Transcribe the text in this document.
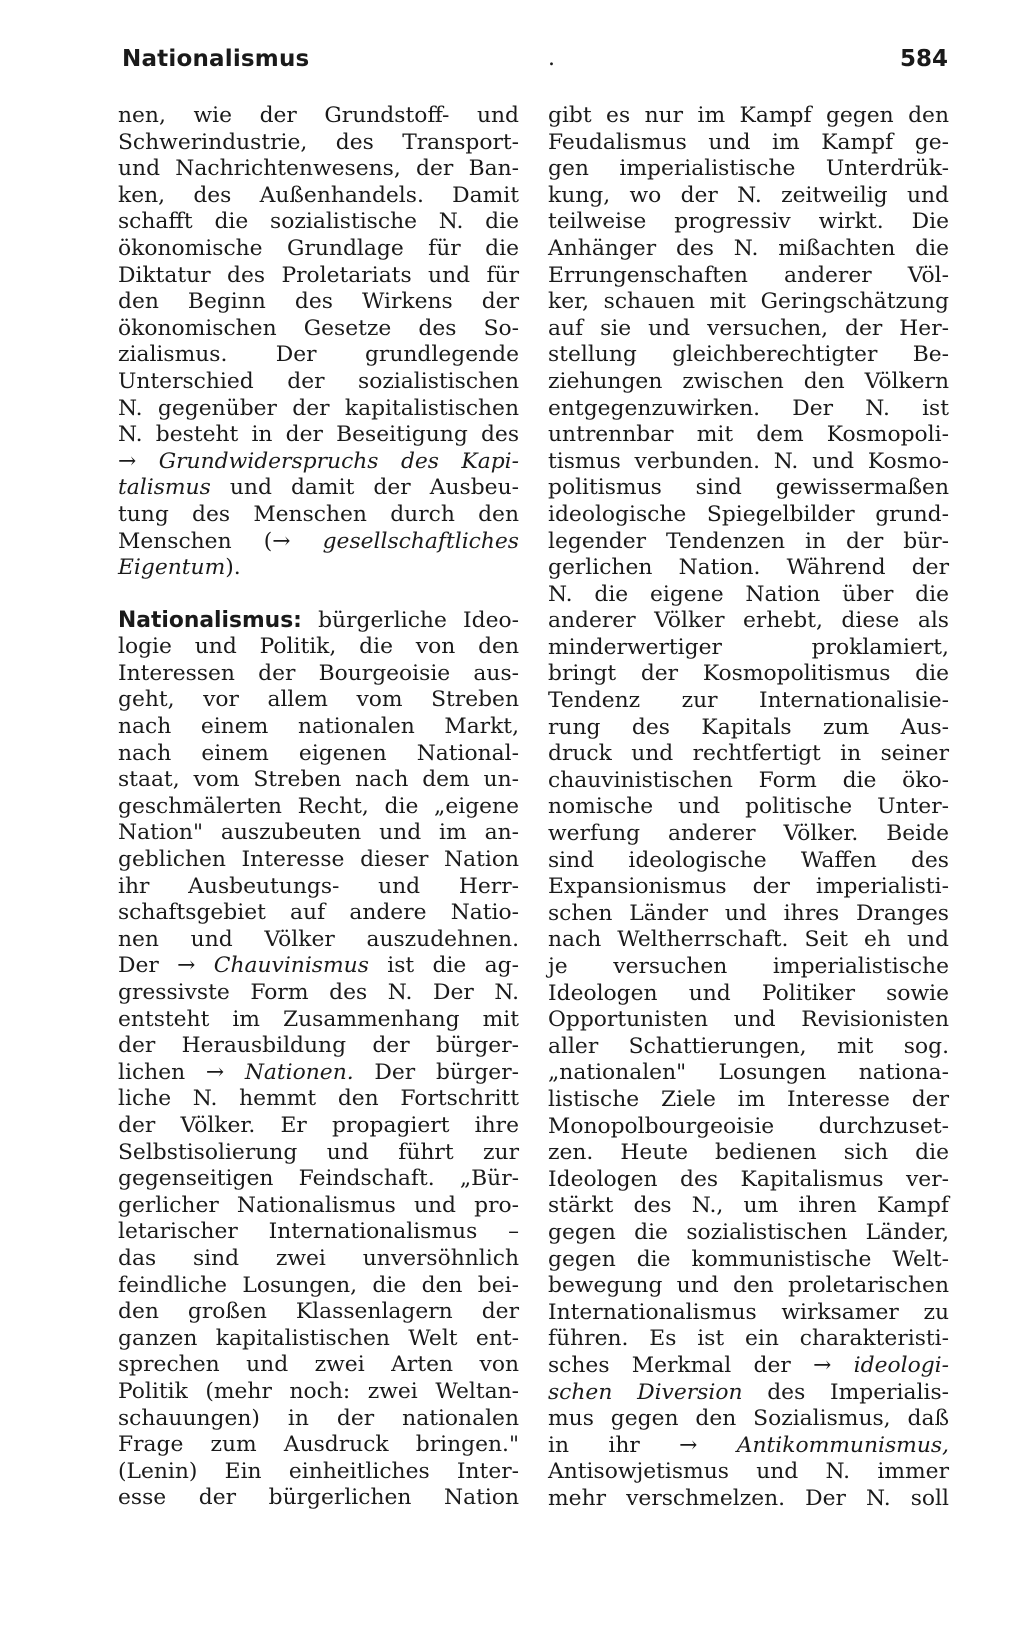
Nationalismus	.	584
nen, wie der Grundstoff- und
Schwerindustrie, des Transport-
und Nachrichtenwesens, der Ban-
ken, des Außenhandels. Damit
schafft die sozialistische N. die
ökonomische Grundlage für die
Diktatur des Proletariats und für
den Beginn des Wirkens der
ökonomischen Gesetze des So-
zialismus. Der grundlegende
Unterschied der sozialistischen
N. gegenüber der kapitalistischen
N. besteht in der Beseitigung des
→ Grundwiderspruchs des Kapi-
talismus und damit der Ausbeu-
tung des Menschen durch den
Menschen (→ gesellschaftliches
Eigentum).
Nationalismus: bürgerliche Ideo-
logie und Politik, die von den
Interessen der Bourgeoisie aus-
geht, vor allem vom Streben
nach einem nationalen Markt,
nach einem eigenen National-
staat, vom Streben nach dem un-
geschmälerten Recht, die „eigene
Nation" auszubeuten und im an-
geblichen Interesse dieser Nation
ihr Ausbeutungs- und Herr-
schaftsgebiet auf andere Natio-
nen und Völker auszudehnen.
Der → Chauvinismus ist die ag-
gressivste Form des N. Der N.
entsteht im Zusammenhang mit
der Herausbildung der bürger-
lichen → Nationen. Der bürger-
liche N. hemmt den Fortschritt
der Völker. Er propagiert ihre
Selbstisolierung und führt zur
gegenseitigen Feindschaft. „Bür-
gerlicher Nationalismus und pro-
letarischer Internationalismus –
das sind zwei unversöhnlich
feindliche Losungen, die den bei-
den großen Klassenlagern der
ganzen kapitalistischen Welt ent-
sprechen und zwei Arten von
Politik (mehr noch: zwei Weltan-
schauungen) in der nationalen
Frage zum Ausdruck bringen."
(Lenin) Ein einheitliches Inter-
esse der bürgerlichen Nation
gibt es nur im Kampf gegen den
Feudalismus und im Kampf ge-
gen imperialistische Unterdrük-
kung, wo der N. zeitweilig und
teilweise progressiv wirkt. Die
Anhänger des N. mißachten die
Errungenschaften anderer Völ-
ker, schauen mit Geringschätzung
auf sie und versuchen, der Her-
stellung gleichberechtigter Be-
ziehungen zwischen den Völkern
entgegenzuwirken. Der N. ist
untrennbar mit dem Kosmopoli-
tismus verbunden. N. und Kosmo-
politismus sind gewissermaßen
ideologische Spiegelbilder grund-
legender Tendenzen in der bür-
gerlichen Nation. Während der
N. die eigene Nation über die
anderer Völker erhebt, diese als
minderwertiger proklamiert,
bringt der Kosmopolitismus die
Tendenz zur Internationalisie-
rung des Kapitals zum Aus-
druck und rechtfertigt in seiner
chauvinistischen Form die öko-
nomische und politische Unter-
werfung anderer Völker. Beide
sind ideologische Waffen des
Expansionismus der imperialisti-
schen Länder und ihres Dranges
nach Weltherrschaft. Seit eh und
je versuchen imperialistische
Ideologen und Politiker sowie
Opportunisten und Revisionisten
aller Schattierungen, mit sog.
„nationalen" Losungen nationa-
listische Ziele im Interesse der
Monopolbourgeoisie durchzuset-
zen. Heute bedienen sich die
Ideologen des Kapitalismus ver-
stärkt des N., um ihren Kampf
gegen die sozialistischen Länder,
gegen die kommunistische Welt-
bewegung und den proletarischen
Internationalismus wirksamer zu
führen. Es ist ein charakteristi-
sches Merkmal der → ideologi-
schen Diversion des Imperialis-
mus gegen den Sozialismus, daß
in ihr → Antikommunismus,
Antisowjetismus und N. immer
mehr verschmelzen. Der N. soll
